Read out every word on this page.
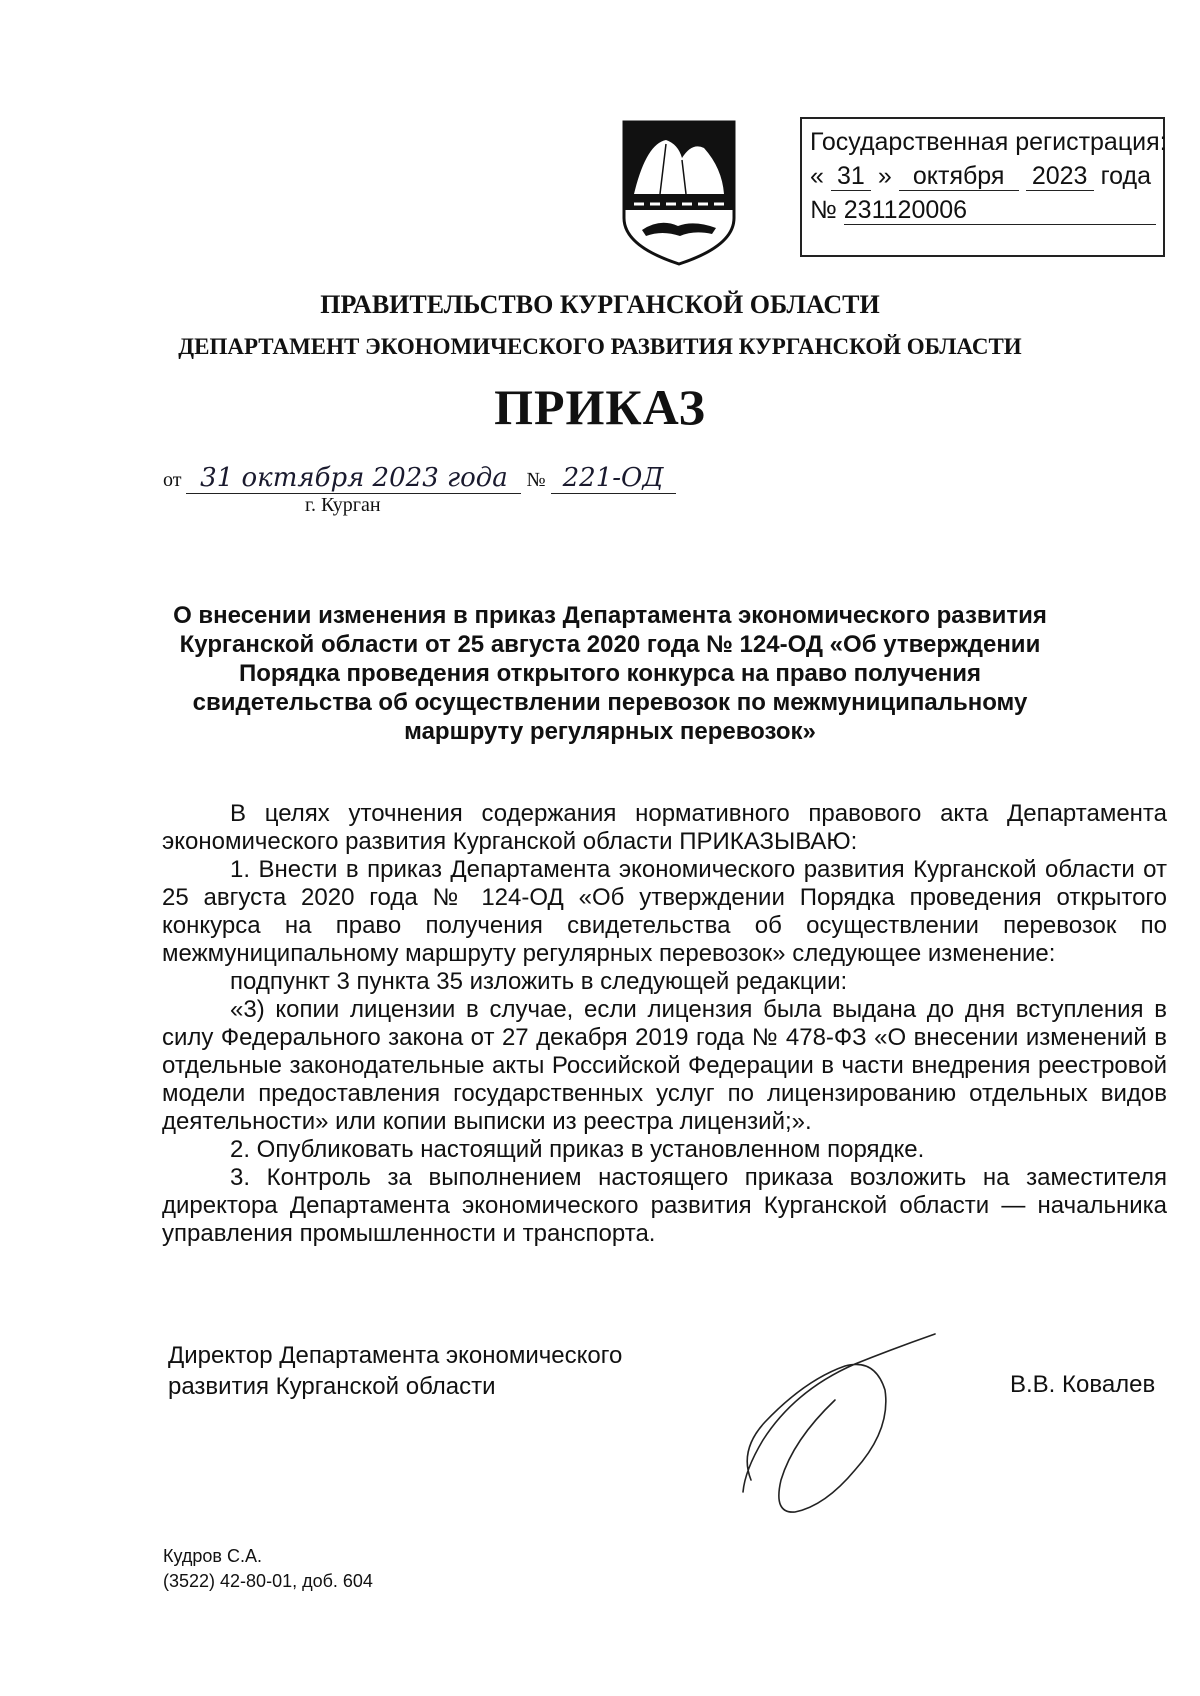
Государственная регистрация:
« 31 » октября 2023 года
№ 231120006
ПРАВИТЕЛЬСТВО КУРГАНСКОЙ ОБЛАСТИ
ДЕПАРТАМЕНТ ЭКОНОМИЧЕСКОГО РАЗВИТИЯ КУРГАНСКОЙ ОБЛАСТИ
ПРИКАЗ
от 31 октября 2023 года № 221-ОД
г. Курган
О внесении изменения в приказ Департамента экономического развития Курганской области от 25 августа 2020 года № 124-ОД «Об утверждении Порядка проведения открытого конкурса на право получения свидетельства об осуществлении перевозок по межмуниципальному маршруту регулярных перевозок»

В целях уточнения содержания нормативного правового акта Департамента экономического развития Курганской области ПРИКАЗЫВАЮ:

1. Внести в приказ Департамента экономического развития Курганской области от 25 августа 2020 года № 124-ОД «Об утверждении Порядка проведения открытого конкурса на право получения свидетельства об осуществлении перевозок по межмуниципальному маршруту регулярных перевозок» следующее изменение:

подпункт 3 пункта 35 изложить в следующей редакции:

«3) копии лицензии в случае, если лицензия была выдана до дня вступления в силу Федерального закона от 27 декабря 2019 года № 478-ФЗ «О внесении изменений в отдельные законодательные акты Российской Федерации в части внедрения реестровой модели предоставления государственных услуг по лицензированию отдельных видов деятельности» или копии выписки из реестра лицензий;».

2. Опубликовать настоящий приказ в установленном порядке.

3. Контроль за выполнением настоящего приказа возложить на заместителя директора Департамента экономического развития Курганской области — начальника управления промышленности и транспорта.

Директор Департамента экономического
развития Курганской области	В.В. Ковалев
Кудров С.А.
(3522) 42-80-01, доб. 604
